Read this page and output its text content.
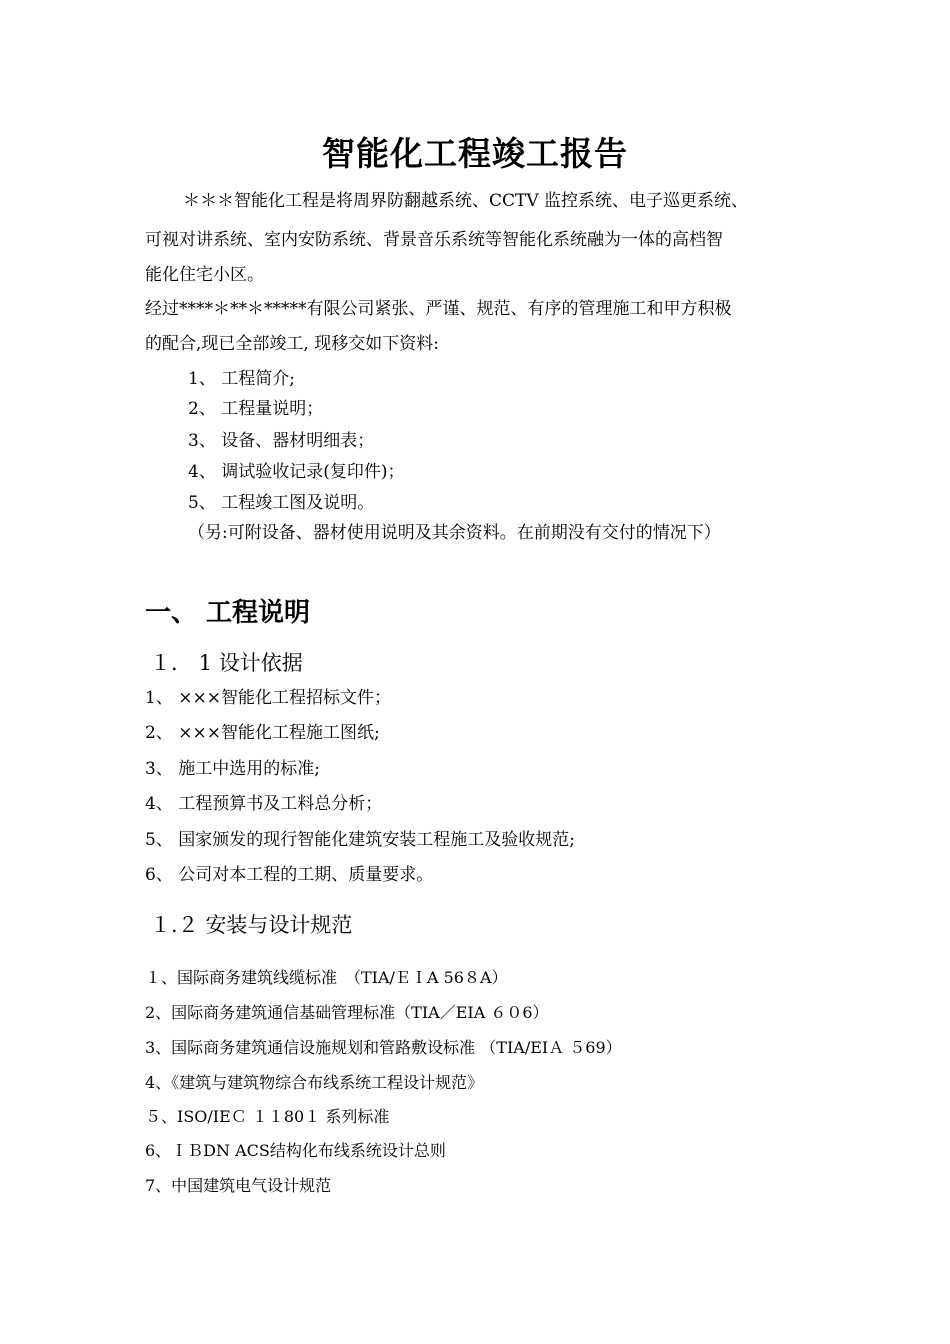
智能化工程竣工报告
＊＊＊智能化工程是将周界防翻越系统、CCTV 监控系统、电子巡更系统、
可视对讲系统、室内安防系统、背景音乐系统等智能化系统融为一体的高档智
能化住宅小区。
经过****＊**＊*****有限公司紧张、严谨、规范、有序的管理施工和甲方积极
的配合,现已全部竣工, 现移交如下资料:
1、 工程简介;
2、 工程量说明；
3、 设备、器材明细表；
4、 调试验收记录(复印件)；
5、 工程竣工图及说明。
（另:可附设备、器材使用说明及其余资料。在前期没有交付的情况下）
一、 工程说明
１． 1 设计依据
1、 ×××智能化工程招标文件；
2、 ×××智能化工程施工图纸;
3、 施工中选用的标准;
4、 工程预算书及工料总分析；
5、 国家颁发的现行智能化建筑安装工程施工及验收规范;
6、 公司对本工程的工期、质量要求。
１.２ 安装与设计规范
１、国际商务建筑线缆标准　（TIA/ＥＩA 56８A）
2、国际商务建筑通信基础管理标准（TIA／EIA ６０6）
3、国际商务建筑通信设施规划和管路敷设标准 （TIA/EIＡ ５69）
4、《建筑与建筑物综合布线系统工程设计规范》
５、ISO/IEＣ １１80１ 系列标准
6、ＩＢDN ACS结构化布线系统设计总则
7、中国建筑电气设计规范
